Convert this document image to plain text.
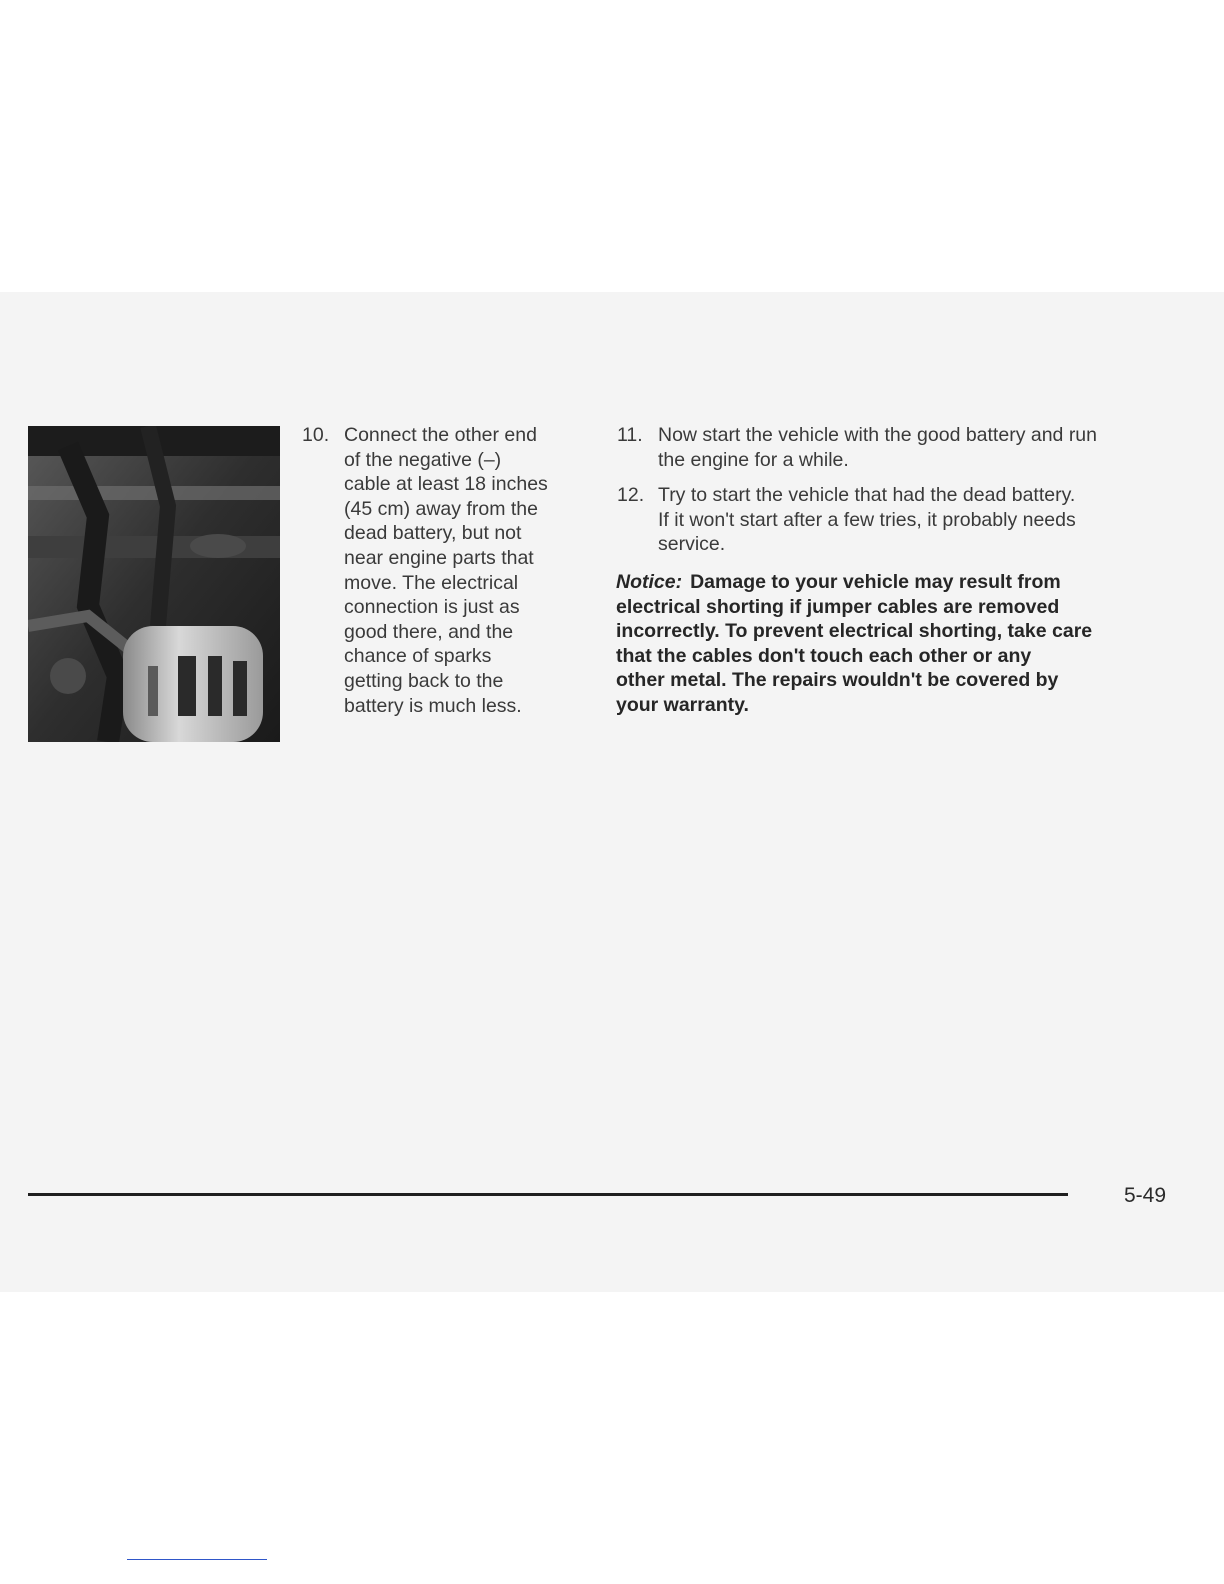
10. Connect the other end
of the negative (–)
cable at least 18 inches
(45 cm) away from the
dead battery, but not
near engine parts that
move. The electrical
connection is just as
good there, and the
chance of sparks
getting back to the
battery is much less.
11. Now start the vehicle with the good battery and run
the engine for a while.
12. Try to start the vehicle that had the dead battery.
If it won't start after a few tries, it probably needs
service.
Notice: Damage to your vehicle may result from
electrical shorting if jumper cables are removed
incorrectly. To prevent electrical shorting, take care
that the cables don't touch each other or any
other metal. The repairs wouldn't be covered by
your warranty.
5-49
